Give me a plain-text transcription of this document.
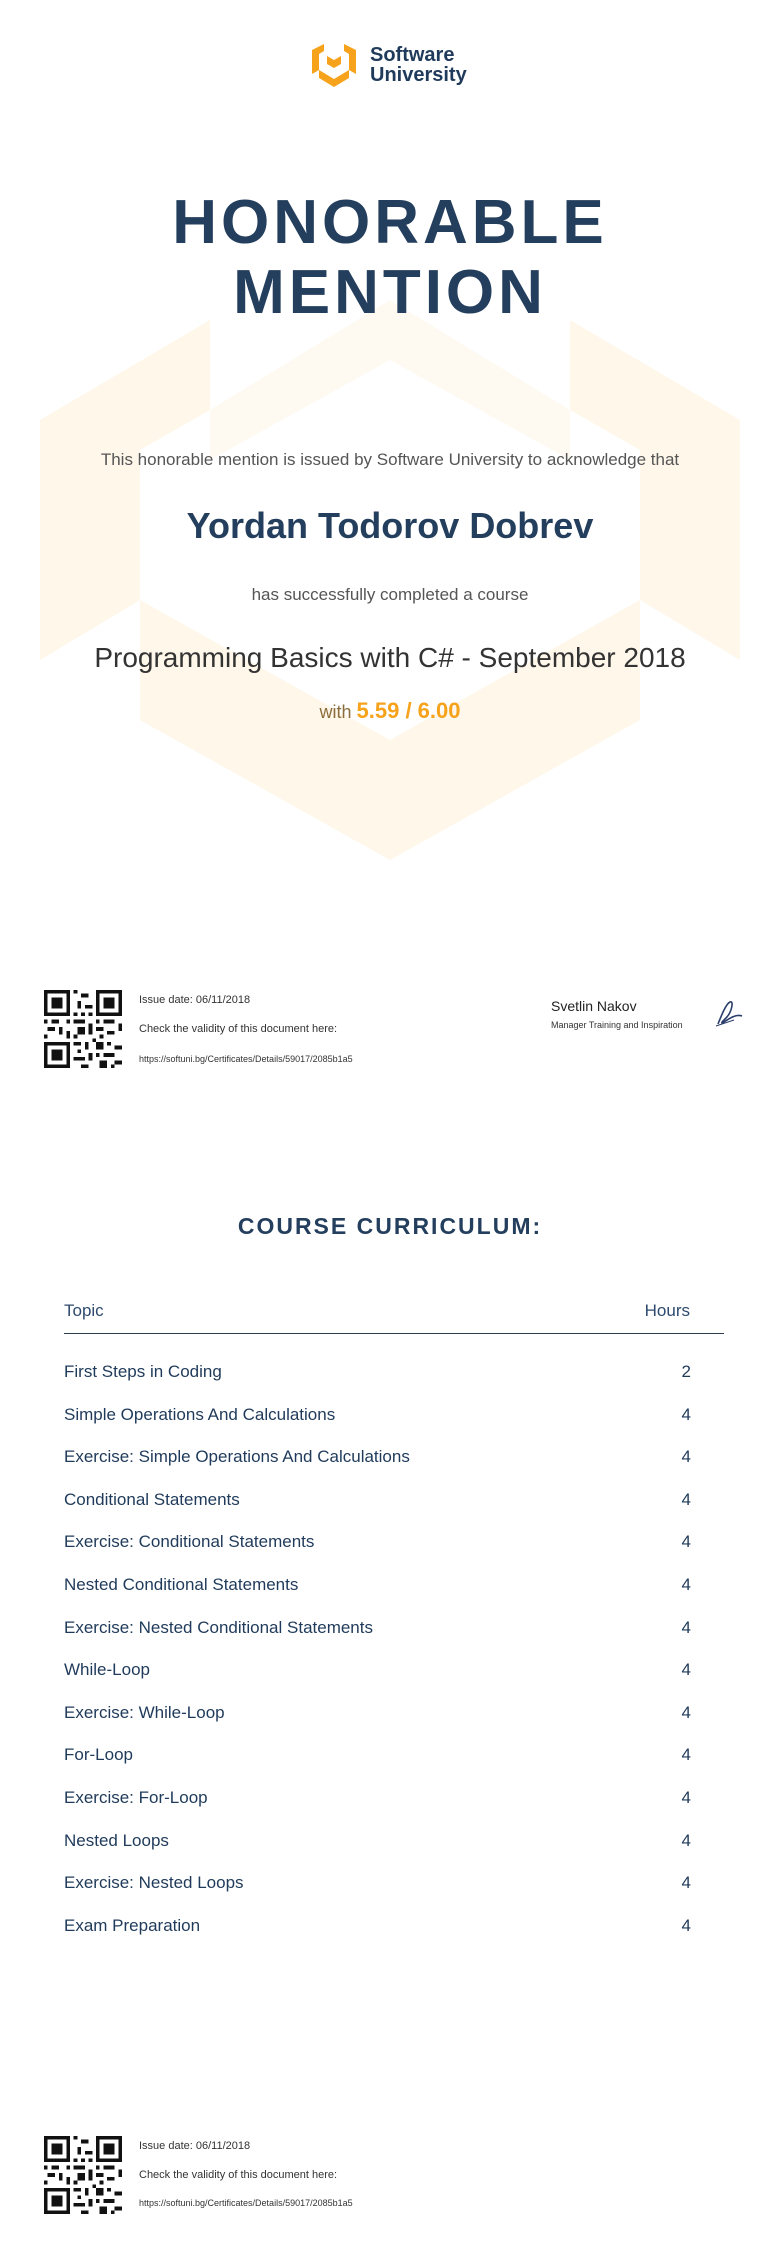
Software
University
HONORABLE
MENTION
This honorable mention is issued by Software University to acknowledge that
Yordan Todorov Dobrev
has successfully completed a course
Programming Basics with C# - September 2018
with 5.59 / 6.00
Issue date: 06/11/2018
Check the validity of this document here:
https://softuni.bg/Certificates/Details/59017/2085b1a5
Svetlin Nakov
Manager Training and Inspiration
COURSE CURRICULUM:
Topic	Hours
First Steps in Coding	2
Simple Operations And Calculations	4
Exercise: Simple Operations And Calculations	4
Conditional Statements	4
Exercise: Conditional Statements	4
Nested Conditional Statements	4
Exercise: Nested Conditional Statements	4
While-Loop	4
Exercise: While-Loop	4
For-Loop	4
Exercise: For-Loop	4
Nested Loops	4
Exercise: Nested Loops	4
Exam Preparation	4
Issue date: 06/11/2018
Check the validity of this document here:
https://softuni.bg/Certificates/Details/59017/2085b1a5
